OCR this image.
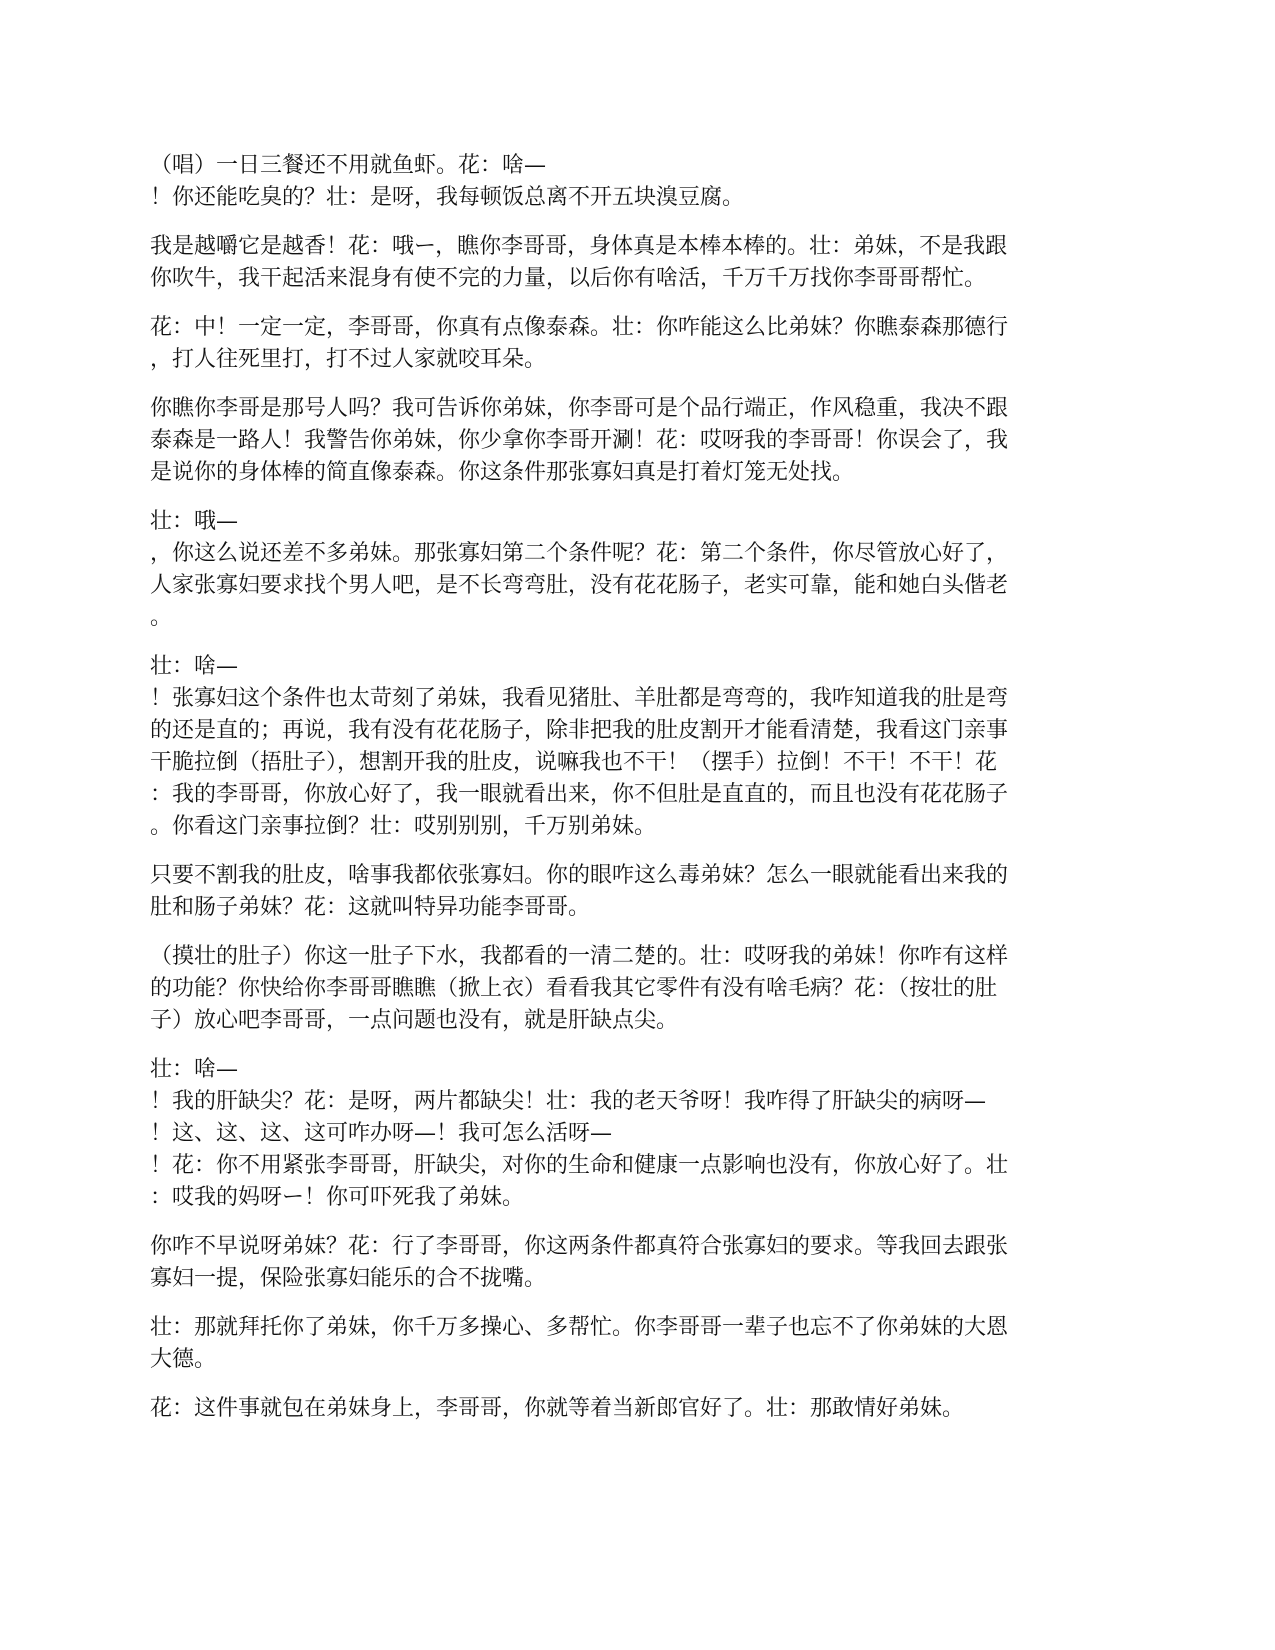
（唱）一日三餐还不用就鱼虾。花：啥—
！你还能吃臭的？壮：是呀，我每顿饭总离不开五块溴豆腐。
我是越嚼它是越香！花：哦ー，瞧你李哥哥，身体真是本棒本棒的。壮：弟妹，不是我跟
你吹牛，我干起活来混身有使不完的力量，以后你有啥活，千万千万找你李哥哥帮忙。
花：中！一定一定，李哥哥，你真有点像泰森。壮：你咋能这么比弟妹？你瞧泰森那德行
，打人往死里打，打不过人家就咬耳朵。
你瞧你李哥是那号人吗？我可告诉你弟妹，你李哥可是个品行端正，作风稳重，我决不跟
泰森是一路人！我警告你弟妹，你少拿你李哥开涮！花：哎呀我的李哥哥！你误会了，我
是说你的身体棒的简直像泰森。你这条件那张寡妇真是打着灯笼无处找。
壮：哦—
，你这么说还差不多弟妹。那张寡妇第二个条件呢？花：第二个条件，你尽管放心好了，
人家张寡妇要求找个男人吧，是不长弯弯肚，没有花花肠子，老实可靠，能和她白头偕老
。
壮：啥—
！张寡妇这个条件也太苛刻了弟妹，我看见猪肚、羊肚都是弯弯的，我咋知道我的肚是弯
的还是直的；再说，我有没有花花肠子，除非把我的肚皮割开才能看清楚，我看这门亲事
干脆拉倒（捂肚子），想割开我的肚皮，说嘛我也不干！（摆手）拉倒！不干！不干！花
：我的李哥哥，你放心好了，我一眼就看出来，你不但肚是直直的，而且也没有花花肠子
。你看这门亲事拉倒？壮：哎别别别，千万别弟妹。
只要不割我的肚皮，啥事我都依张寡妇。你的眼咋这么毒弟妹？怎么一眼就能看出来我的
肚和肠子弟妹？花：这就叫特异功能李哥哥。
（摸壮的肚子）你这一肚子下水，我都看的一清二楚的。壮：哎呀我的弟妹！你咋有这样
的功能？你快给你李哥哥瞧瞧（掀上衣）看看我其它零件有没有啥毛病？花：（按壮的肚
子）放心吧李哥哥，一点问题也没有，就是肝缺点尖。
壮：啥—
！我的肝缺尖？花：是呀，两片都缺尖！壮：我的老天爷呀！我咋得了肝缺尖的病呀—
！这、这、这、这可咋办呀—！我可怎么活呀—
！花：你不用紧张李哥哥，肝缺尖，对你的生命和健康一点影响也没有，你放心好了。壮
：哎我的妈呀ー！你可吓死我了弟妹。
你咋不早说呀弟妹？花：行了李哥哥，你这两条件都真符合张寡妇的要求。等我回去跟张
寡妇一提，保险张寡妇能乐的合不拢嘴。
壮：那就拜托你了弟妹，你千万多操心、多帮忙。你李哥哥一辈子也忘不了你弟妹的大恩
大德。
花：这件事就包在弟妹身上，李哥哥，你就等着当新郎官好了。壮：那敢情好弟妹。
